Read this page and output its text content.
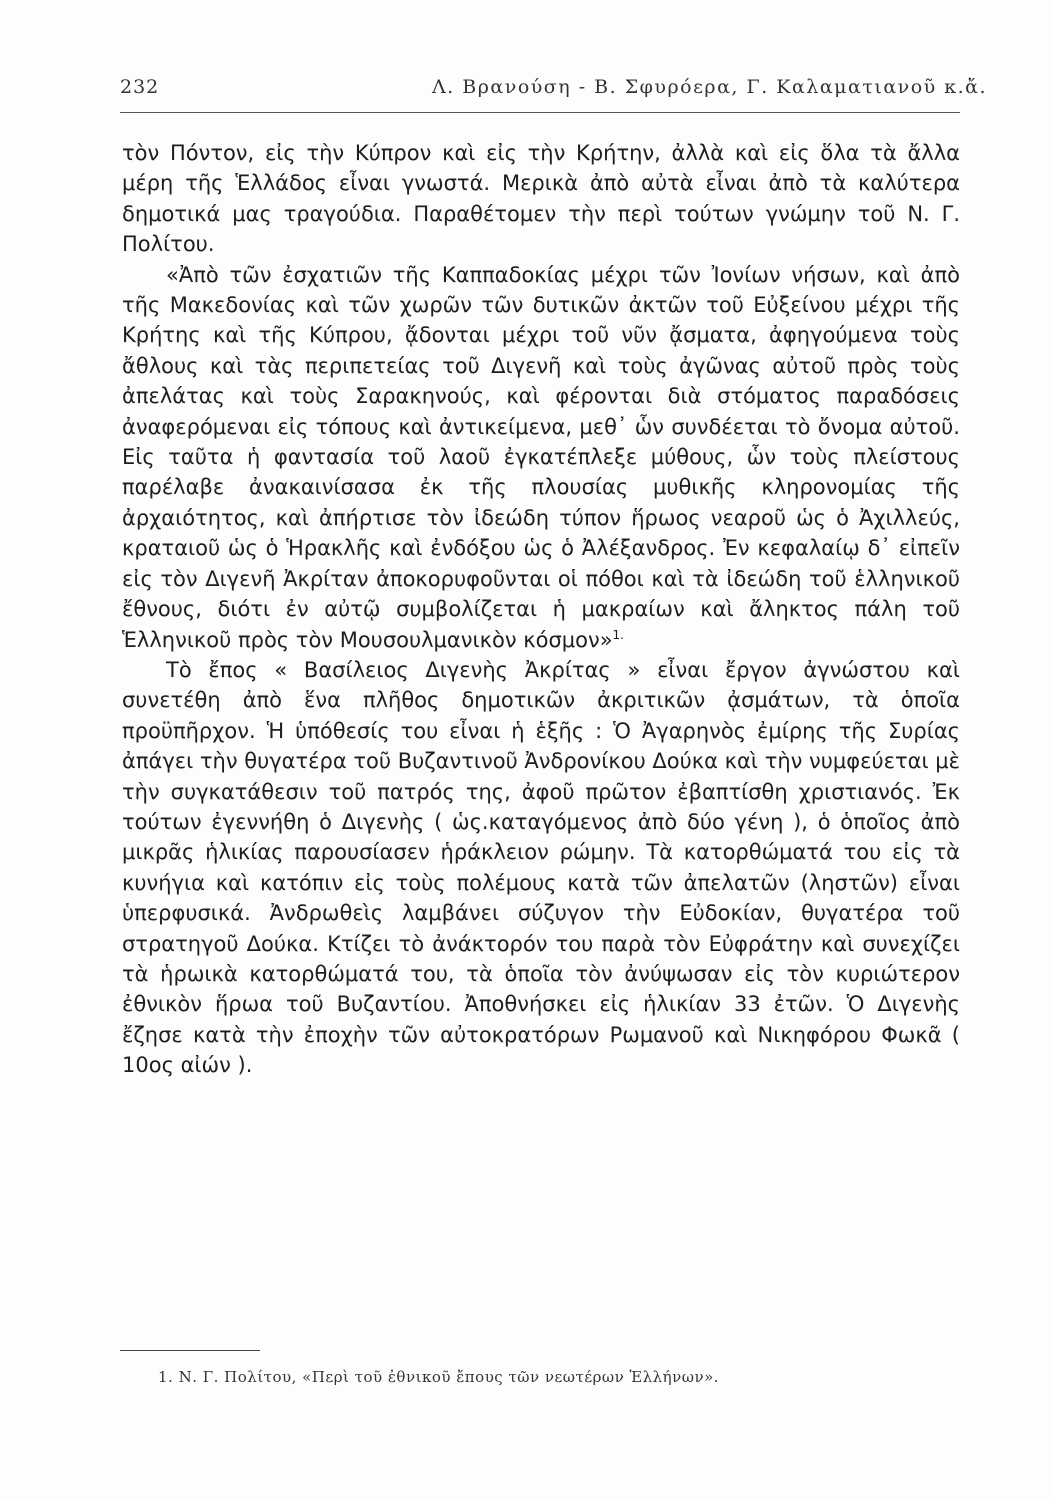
232	Λ. Βρανούση - Β. Σφυρόερα, Γ. Καλαματιανοῦ κ.ἄ.

τὸν Πόντον, εἰς τὴν Κύπρον καὶ εἰς τὴν Κρήτην, ἀλλὰ καὶ εἰς ὅλα τὰ ἄλλα μέρη τῆς Ἑλλάδος εἶναι γνωστά. Μερικὰ ἀπὸ αὐτὰ εἶναι ἀπὸ τὰ καλύτερα δημοτικά μας τραγούδια. Παραθέτομεν τὴν περὶ τούτων γνώμην τοῦ Ν. Γ. Πολίτου.

«Ἀπὸ τῶν ἐσχατιῶν τῆς Καππαδοκίας μέχρι τῶν Ἰονίων νήσων, καὶ ἀπὸ τῆς Μακεδονίας καὶ τῶν χωρῶν τῶν δυτικῶν ἀκτῶν τοῦ Εὐξείνου μέχρι τῆς Κρήτης καὶ τῆς Κύπρου, ᾄδονται μέχρι τοῦ νῦν ᾄσματα, ἀφηγούμενα τοὺς ἄθλους καὶ τὰς περιπετείας τοῦ Διγενῆ καὶ τοὺς ἀγῶνας αὐτοῦ πρὸς τοὺς ἀπελάτας καὶ τοὺς Σαρακηνούς, καὶ φέρονται διὰ στόματος παραδόσεις ἀναφερόμεναι εἰς τόπους καὶ ἀντικείμενα, μεθ᾽ ὧν συνδέεται τὸ ὄνομα αὐτοῦ. Εἰς ταῦτα ἡ φαντασία τοῦ λαοῦ ἐγκατέπλεξε μύθους, ὧν τοὺς πλείστους παρέλαβε ἀνακαινίσασα ἐκ τῆς πλουσίας μυθικῆς κληρονομίας τῆς ἀρχαιότητος, καὶ ἀπήρτισε τὸν ἰδεώδη τύπον ἥρωος νεαροῦ ὡς ὁ Ἀχιλλεύς, κραταιοῦ ὡς ὁ Ἡρακλῆς καὶ ἐνδόξου ὡς ὁ Ἀλέξανδρος. Ἐν κεφαλαίῳ δ᾽ εἰπεῖν εἰς τὸν Διγενῆ Ἀκρίταν ἀποκορυφοῦνται οἱ πόθοι καὶ τὰ ἰδεώδη τοῦ ἑλληνικοῦ ἔθνους, διότι ἐν αὐτῷ συμβολίζεται ἡ μακραίων καὶ ἄληκτος πάλη τοῦ Ἑλληνικοῦ πρὸς τὸν Μουσουλμανικὸν κόσμον»$^{1.}$

Τὸ ἔπος « Βασίλειος Διγενὴς Ἀκρίτας » εἶναι ἔργον ἀγνώστου καὶ συνετέθη ἀπὸ ἕνα πλῆθος δημοτικῶν ἀκριτικῶν ᾀσμάτων, τὰ ὁποῖα προϋπῆρχον. Ἡ ὑπόθεσίς του εἶναι ἡ ἑξῆς : Ὁ Ἀγαρηνὸς ἐμίρης τῆς Συρίας ἀπάγει τὴν θυγατέρα τοῦ Βυζαντινοῦ Ἀνδρονίκου Δούκα καὶ τὴν νυμφεύεται μὲ τὴν συγκατάθεσιν τοῦ πατρός της, ἀφοῦ πρῶτον ἐβαπτίσθη χριστιανός. Ἐκ τούτων ἐγεννήθη ὁ Διγενὴς ( ὡς.καταγόμενος ἀπὸ δύο γένη ), ὁ ὁποῖος ἀπὸ μικρᾶς ἡλικίας παρουσίασεν ἡράκλειον ρώμην. Τὰ κατορθώματά του εἰς τὰ κυνήγια καὶ κατόπιν εἰς τοὺς πολέμους κατὰ τῶν ἀπελατῶν (ληστῶν) εἶναι ὑπερφυσικά. Ἀνδρωθεὶς λαμβάνει σύζυγον τὴν Εὐδοκίαν, θυγατέρα τοῦ στρατηγοῦ Δούκα. Κτίζει τὸ ἀνάκτορόν του παρὰ τὸν Εὐφράτην καὶ συνεχίζει τὰ ἡρωικὰ κατορθώματά του, τὰ ὁποῖα τὸν ἀνύψωσαν εἰς τὸν κυριώτερον ἐθνικὸν ἥρωα τοῦ Βυζαντίου. Ἀποθνήσκει εἰς ἡλικίαν 33 ἐτῶν. Ὁ Διγενὴς ἔζησε κατὰ τὴν ἐποχὴν τῶν αὐτοκρατόρων Ρωμανοῦ καὶ Νικηφόρου Φωκᾶ ( 10ος αἰών ).

1. Ν. Γ. Πολίτου, «Περὶ τοῦ ἐθνικοῦ ἔπους τῶν νεωτέρων Ἑλλήνων».
